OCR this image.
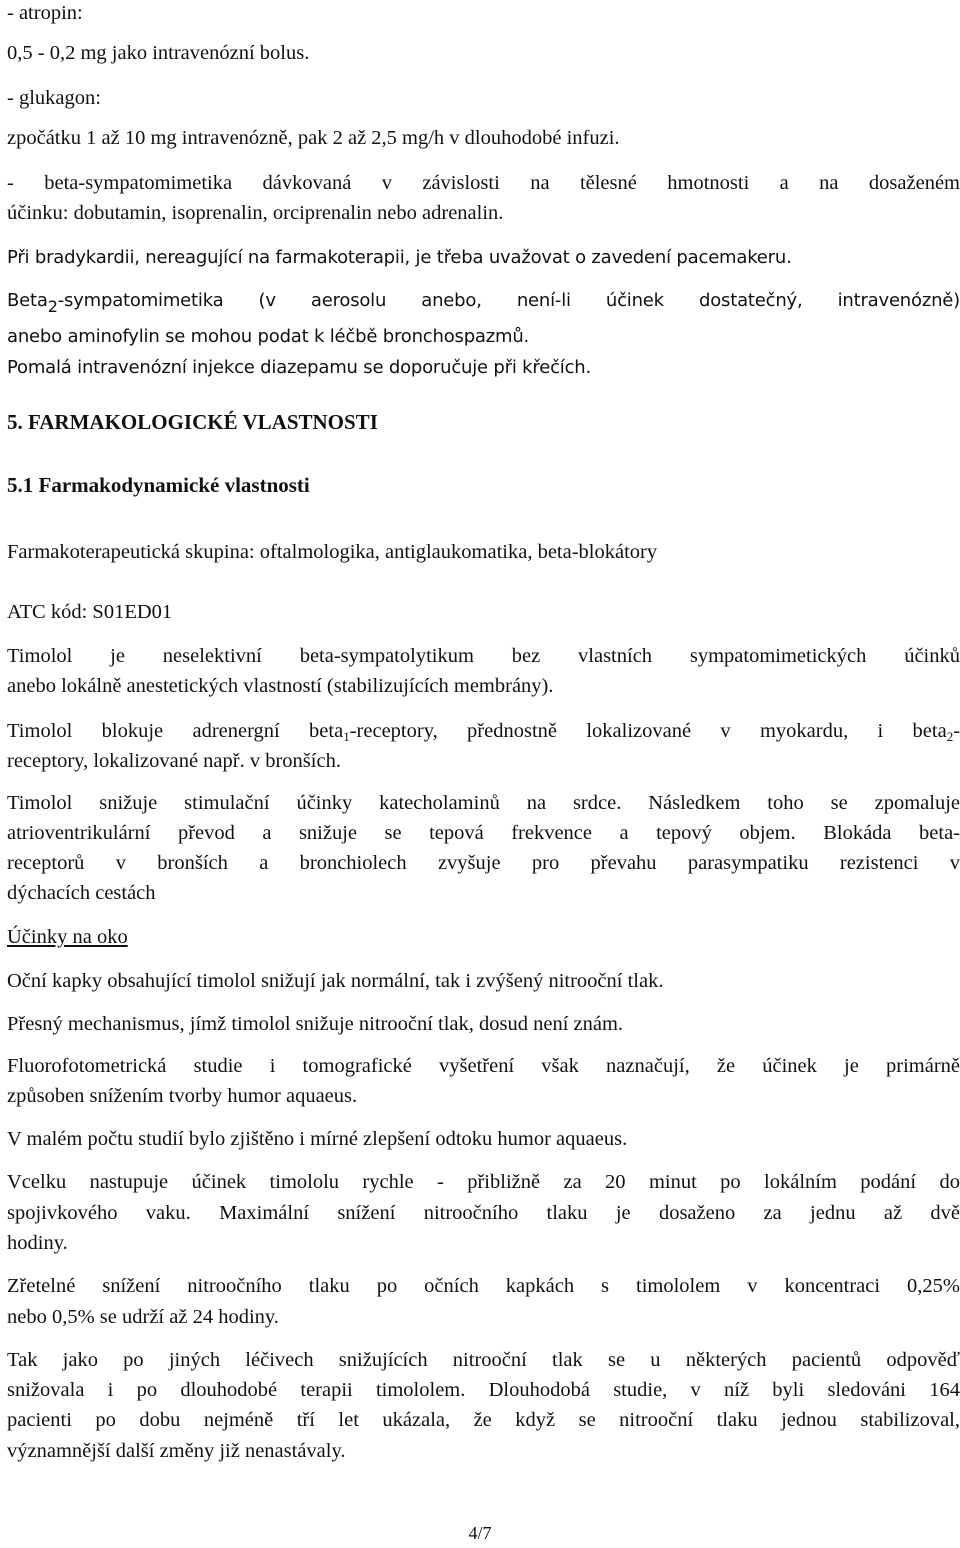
- atropin:

0,5 - 0,2 mg jako intravenózní bolus.

- glukagon:

zpočátku 1 až 10 mg intravenózně, pak 2 až 2,5 mg/h v dlouhodobé infuzi.

- beta-sympatomimetika dávkovaná v závislosti na tělesné hmotnosti a na dosaženém

účinku: dobutamin, isoprenalin, orciprenalin nebo adrenalin.

Při bradykardii, nereagující na farmakoterapii, je třeba uvažovat o zavedení pacemakeru.

Beta2-sympatomimetika (v aerosolu anebo, není-li účinek dostatečný, intravenózně)

anebo aminofylin se mohou podat k léčbě bronchospazmů.

Pomalá intravenózní injekce diazepamu se doporučuje při křečích.

5. FARMAKOLOGICKÉ VLASTNOSTI
5.1 Farmakodynamické vlastnosti

Farmakoterapeutická skupina: oftalmologika, antiglaukomatika, beta-blokátory

ATC kód: S01ED01

Timolol je neselektivní beta-sympatolytikum bez vlastních sympatomimetických účinků

anebo lokálně anestetických vlastností (stabilizujících membrány).

Timolol blokuje adrenergní beta$_1$-receptory, přednostně lokalizované v myokardu, i beta$_2$-

receptory, lokalizované např. v bronších.

Timolol snižuje stimulační účinky katecholaminů na srdce. Následkem toho se zpomaluje

atrioventrikulární převod a snižuje se tepová frekvence a tepový objem. Blokáda beta-

receptorů v bronších a bronchiolech zvyšuje pro převahu parasympatiku rezistenci v

dýchacích cestách

Účinky na oko

Oční kapky obsahující timolol snižují jak normální, tak i zvýšený nitrooční tlak.

Přesný mechanismus, jímž timolol snižuje nitrooční tlak, dosud není znám.

Fluorofotometrická studie i tomografické vyšetření však naznačují, že účinek je primárně

způsoben snížením tvorby humor aquaeus.

V malém počtu studií bylo zjištěno i mírné zlepšení odtoku humor aquaeus.

Vcelku nastupuje účinek timololu rychle - přibližně za 20 minut po lokálním podání do

spojivkového vaku. Maximální snížení nitroočního tlaku je dosaženo za jednu až dvě

hodiny.

Zřetelné snížení nitroočního tlaku po očních kapkách s timololem v koncentraci 0,25%

nebo 0,5% se udrží až 24 hodiny.

Tak jako po jiných léčivech snižujících nitrooční tlak se u některých pacientů odpověď

snižovala i po dlouhodobé terapii timololem. Dlouhodobá studie, v níž byli sledováni 164

pacienti po dobu nejméně tří let ukázala, že když se nitrooční tlaku jednou stabilizoval,

významnější další změny již nenastávaly.

4/7
